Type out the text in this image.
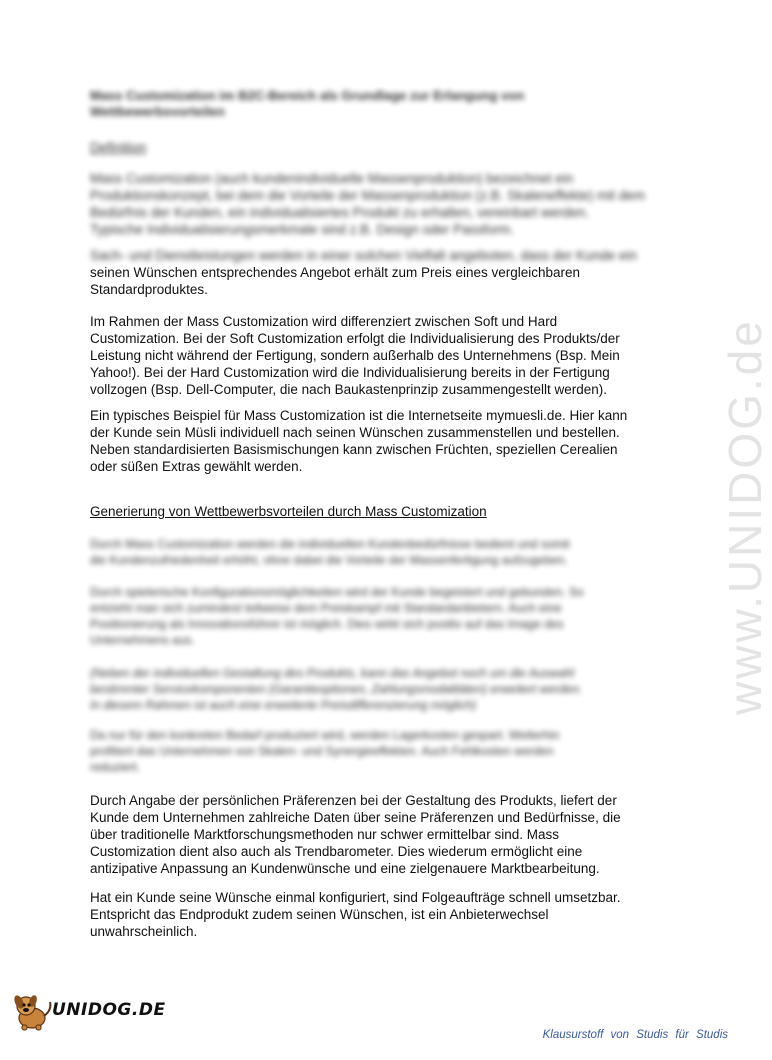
www.UNIDOG.de
Mass Customization im B2C-Bereich als Grundlage zur Erlangung von
Wettbewerbsvorteilen
Definition
Mass Customization (auch kundenindividuelle Massenproduktion) bezeichnet ein
Produktionskonzept, bei dem die Vorteile der Massenproduktion (z.B. Skaleneffekte) mit dem
Bedürfnis der Kunden, ein individualisiertes Produkt zu erhalten, vereinbart werden.
Typische Individualisierungsmerkmale sind z.B. Design oder Passform.
Sach- und Dienstleistungen werden in einer solchen Vielfalt angeboten, dass der Kunde ein
seinen Wünschen entsprechendes Angebot erhält zum Preis eines vergleichbaren
Standardproduktes.
Im Rahmen der Mass Customization wird differenziert zwischen Soft und Hard
Customization. Bei der Soft Customization erfolgt die Individualisierung des Produkts/der
Leistung nicht während der Fertigung, sondern außerhalb des Unternehmens (Bsp. Mein
Yahoo!). Bei der Hard Customization wird die Individualisierung bereits in der Fertigung
vollzogen (Bsp. Dell-Computer, die nach Baukastenprinzip zusammengestellt werden).
Ein typisches Beispiel für Mass Customization ist die Internetseite mymuesli.de. Hier kann
der Kunde sein Müsli individuell nach seinen Wünschen zusammenstellen und bestellen.
Neben standardisierten Basismischungen kann zwischen Früchten, speziellen Cerealien
oder süßen Extras gewählt werden.
Generierung von Wettbewerbsvorteilen durch Mass Customization
Durch Mass Customization werden die individuellen Kundenbedürfnisse bedient und somit
die Kundenzufriedenheit erhöht, ohne dabei die Vorteile der Massenfertigung aufzugeben.
Durch spielerische Konfigurationsmöglichkeiten wird der Kunde begeistert und gebunden. So
entzieht man sich zumindest teilweise dem Preiskampf mit Standardanbietern. Auch eine
Positionierung als Innovationsführer ist möglich. Dies wirkt sich positiv auf das Image des
Unternehmens aus.
(Neben der individuellen Gestaltung des Produkts, kann das Angebot noch um die Auswahl
bestimmter Servicekomponenten (Garantieoptionen, Zahlungsmodalitäten) erweitert werden.
In diesem Rahmen ist auch eine erweiterte Preisdifferenzierung möglich)
Da nur für den konkreten Bedarf produziert wird, werden Lagerkosten gespart. Weiterhin
profitiert das Unternehmen von Skalen- und Synergieeffekten. Auch Fehlkosten werden
reduziert.
Durch Angabe der persönlichen Präferenzen bei der Gestaltung des Produkts, liefert der
Kunde dem Unternehmen zahlreiche Daten über seine Präferenzen und Bedürfnisse, die
über traditionelle Marktforschungsmethoden nur schwer ermittelbar sind. Mass
Customization dient also auch als Trendbarometer. Dies wiederum ermöglicht eine
antizipative Anpassung an Kundenwünsche und eine zielgenauere Marktbearbeitung.
Hat ein Kunde seine Wünsche einmal konfiguriert, sind Folgeaufträge schnell umsetzbar.
Entspricht das Endprodukt zudem seinen Wünschen, ist ein Anbieterwechsel
unwahrscheinlich.
UNIDOG.DE
Klausurstoff von Studis für Studis
